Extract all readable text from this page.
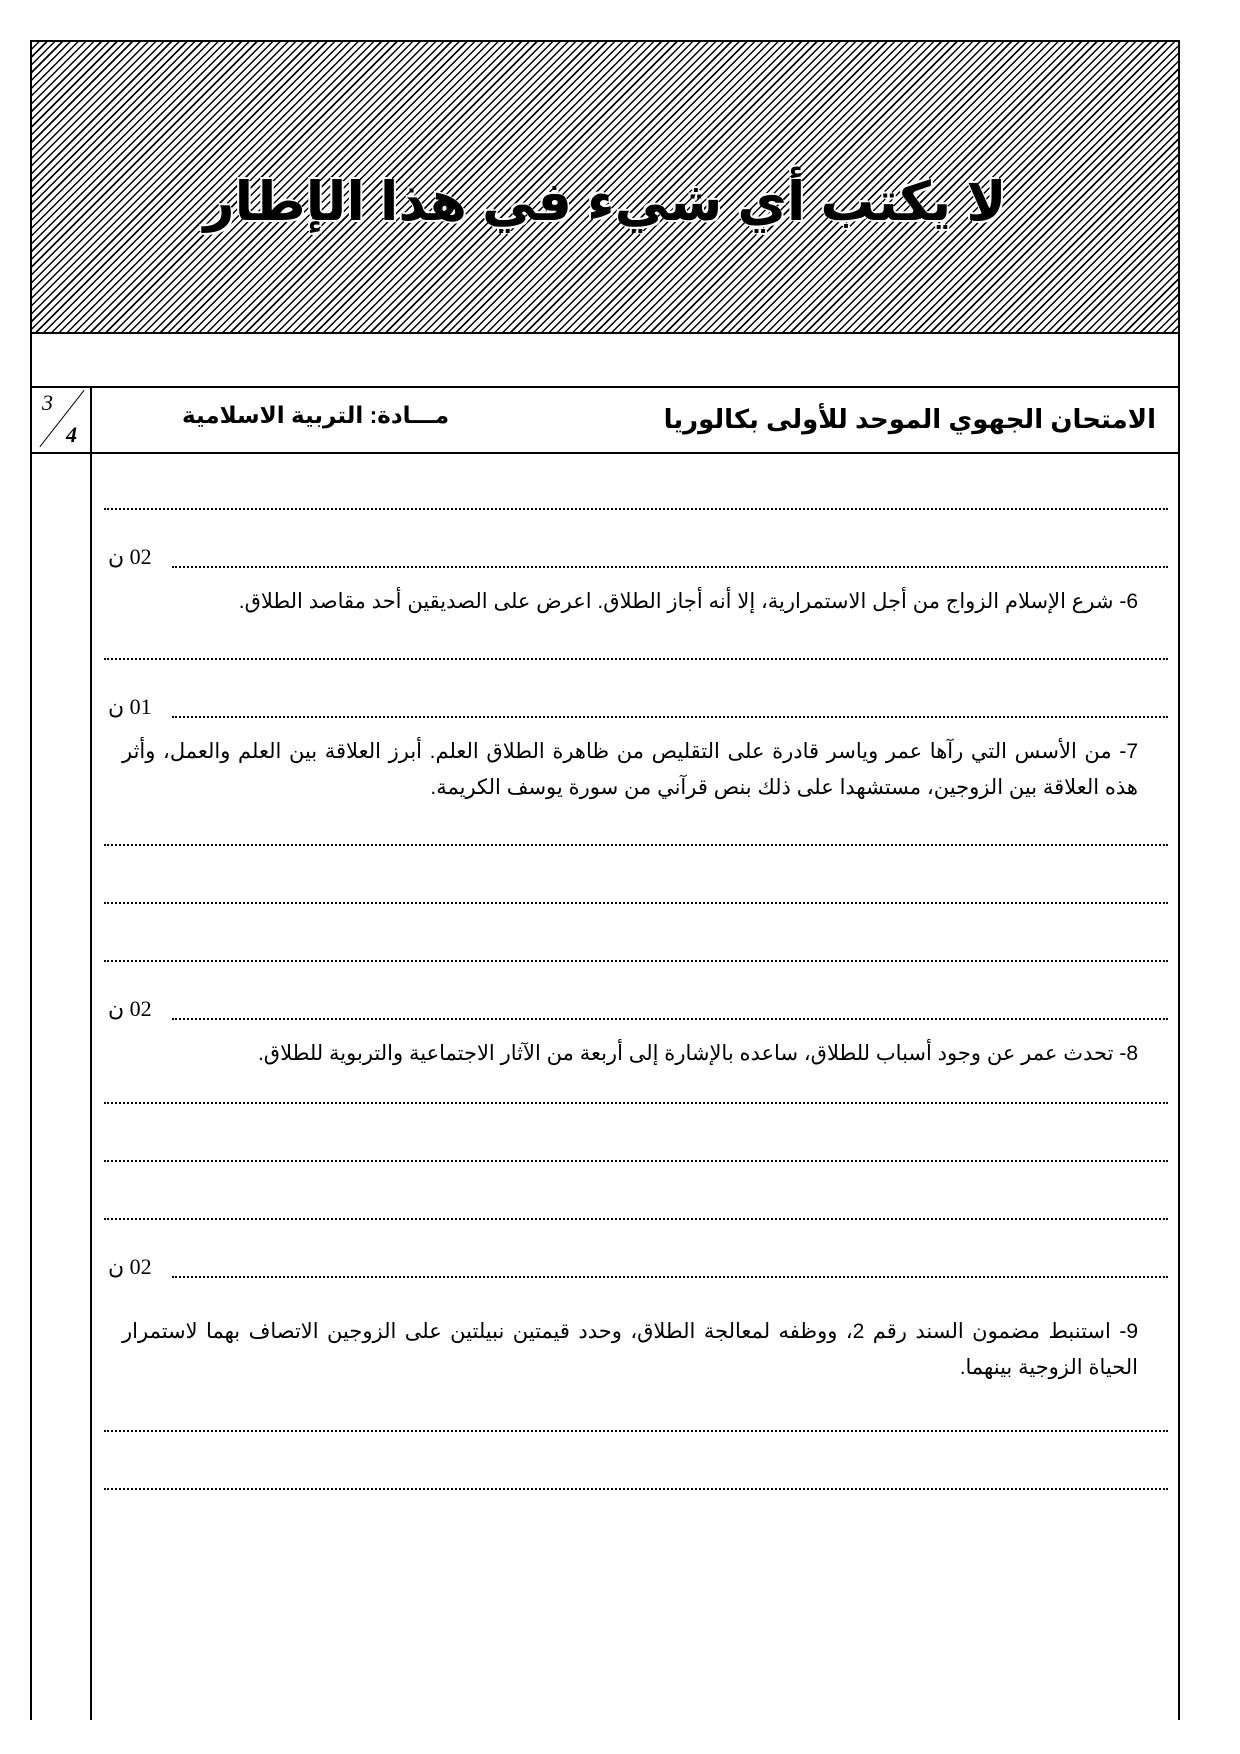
لا يكتب أي شيء في هذا الإطار
3
4
مـــادة: التربية الاسلامية	الامتحان الجهوي الموحد للأولى بكالوريا
02 ن
6- شرع الإسلام الزواج من أجل الاستمرارية، إلا أنه أجاز الطلاق. اعرض على الصديقين أحد مقاصد الطلاق.
01 ن
7- من الأسس التي رآها عمر وياسر قادرة على التقليص من ظاهرة الطلاق العلم. أبرز العلاقة بين العلم والعمل، وأثر هذه العلاقة بين الزوجين، مستشهدا على ذلك بنص قرآني من سورة يوسف الكريمة.
02 ن
8- تحدث عمر عن وجود أسباب للطلاق، ساعده بالإشارة إلى أربعة من الآثار الاجتماعية والتربوية للطلاق.
02 ن
9- استنبط مضمون السند رقم 2، ووظفه لمعالجة الطلاق، وحدد قيمتين نبيلتين على الزوجين الاتصاف بهما لاستمرار الحياة الزوجية بينهما.
